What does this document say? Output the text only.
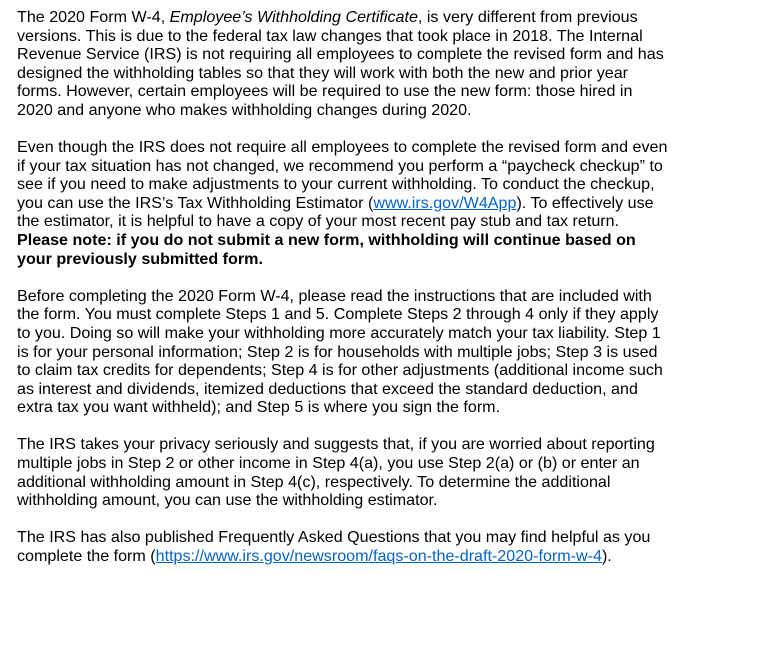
The 2020 Form W-4, Employee’s Withholding Certificate, is very different from previous
versions. This is due to the federal tax law changes that took place in 2018. The Internal
Revenue Service (IRS) is not requiring all employees to complete the revised form and has
designed the withholding tables so that they will work with both the new and prior year
forms. However, certain employees will be required to use the new form: those hired in
2020 and anyone who makes withholding changes during 2020.

Even though the IRS does not require all employees to complete the revised form and even
if your tax situation has not changed, we recommend you perform a “paycheck checkup” to
see if you need to make adjustments to your current withholding. To conduct the checkup,
you can use the IRS’s Tax Withholding Estimator (www.irs.gov/W4App). To effectively use
the estimator, it is helpful to have a copy of your most recent pay stub and tax return.
Please note: if you do not submit a new form, withholding will continue based on
your previously submitted form.

Before completing the 2020 Form W-4, please read the instructions that are included with
the form. You must complete Steps 1 and 5. Complete Steps 2 through 4 only if they apply
to you. Doing so will make your withholding more accurately match your tax liability. Step 1
is for your personal information; Step 2 is for households with multiple jobs; Step 3 is used
to claim tax credits for dependents; Step 4 is for other adjustments (additional income such
as interest and dividends, itemized deductions that exceed the standard deduction, and
extra tax you want withheld); and Step 5 is where you sign the form.

The IRS takes your privacy seriously and suggests that, if you are worried about reporting
multiple jobs in Step 2 or other income in Step 4(a), you use Step 2(a) or (b) or enter an
additional withholding amount in Step 4(c), respectively. To determine the additional
withholding amount, you can use the withholding estimator.

The IRS has also published Frequently Asked Questions that you may find helpful as you
complete the form (https://www.irs.gov/newsroom/faqs-on-the-draft-2020-form-w-4).
